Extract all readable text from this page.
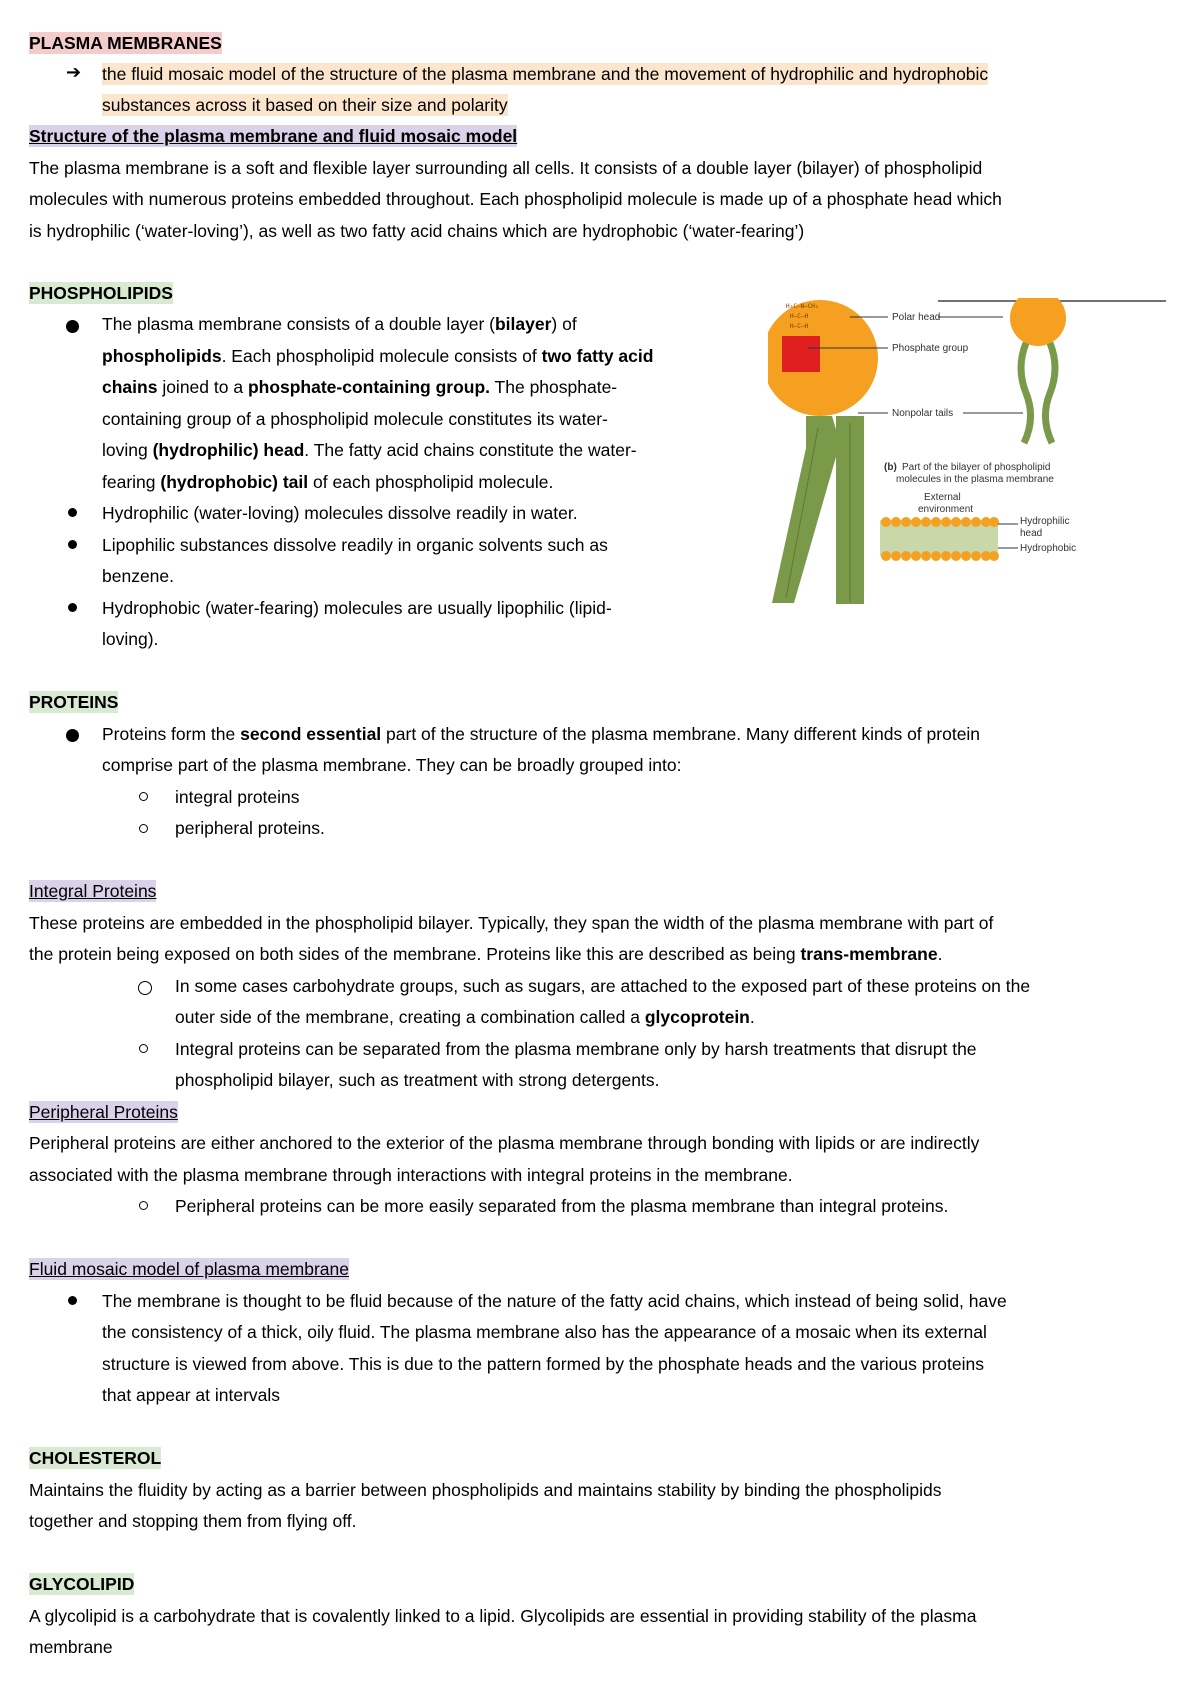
PLASMA MEMBRANES
➔ the fluid mosaic model of the structure of the plasma membrane and the movement of hydrophilic and hydrophobic
substances across it based on their size and polarity
Structure of the plasma membrane and fluid mosaic model
The plasma membrane is a soft and flexible layer surrounding all cells. It consists of a double layer (bilayer) of phospholipid
molecules with numerous proteins embedded throughout. Each phospholipid molecule is made up of a phosphate head which
is hydrophilic (‘water-loving’), as well as two fatty acid chains which are hydrophobic (‘water-fearing’)
PHOSPHOLIPIDS
The plasma membrane consists of a double layer (bilayer) of
phospholipids. Each phospholipid molecule consists of two fatty acid
chains joined to a phosphate-containing group. The phosphate-
containing group of a phospholipid molecule constitutes its water-
loving (hydrophilic) head. The fatty acid chains constitute the water-
fearing (hydrophobic) tail of each phospholipid molecule.
Hydrophilic (water-loving) molecules dissolve readily in water.
Lipophilic substances dissolve readily in organic solvents such as
benzene.
Hydrophobic (water-fearing) molecules are usually lipophilic (lipid-
loving).
H₃C–N–CH₃
H–C–H
H–C–H
Polar head
Phosphate group
Nonpolar tails
(b) Part of the bilayer of phospholipid
molecules in the plasma membrane
External
environment
Hydrophilic
head
Hydrophobic
PROTEINS
Proteins form the second essential part of the structure of the plasma membrane. Many different kinds of protein
comprise part of the plasma membrane. They can be broadly grouped into:
integral proteins
peripheral proteins.
Integral Proteins
These proteins are embedded in the phospholipid bilayer. Typically, they span the width of the plasma membrane with part of
the protein being exposed on both sides of the membrane. Proteins like this are described as being trans-membrane.
In some cases carbohydrate groups, such as sugars, are attached to the exposed part of these proteins on the
outer side of the membrane, creating a combination called a glycoprotein.
Integral proteins can be separated from the plasma membrane only by harsh treatments that disrupt the
phospholipid bilayer, such as treatment with strong detergents.
Peripheral Proteins
Peripheral proteins are either anchored to the exterior of the plasma membrane through bonding with lipids or are indirectly
associated with the plasma membrane through interactions with integral proteins in the membrane.
Peripheral proteins can be more easily separated from the plasma membrane than integral proteins.
Fluid mosaic model of plasma membrane
The membrane is thought to be fluid because of the nature of the fatty acid chains, which instead of being solid, have
the consistency of a thick, oily fluid. The plasma membrane also has the appearance of a mosaic when its external
structure is viewed from above. This is due to the pattern formed by the phosphate heads and the various proteins
that appear at intervals
CHOLESTEROL
Maintains the fluidity by acting as a barrier between phospholipids and maintains stability by binding the phospholipids
together and stopping them from flying off.
GLYCOLIPID
A glycolipid is a carbohydrate that is covalently linked to a lipid. Glycolipids are essential in providing stability of the plasma
membrane
